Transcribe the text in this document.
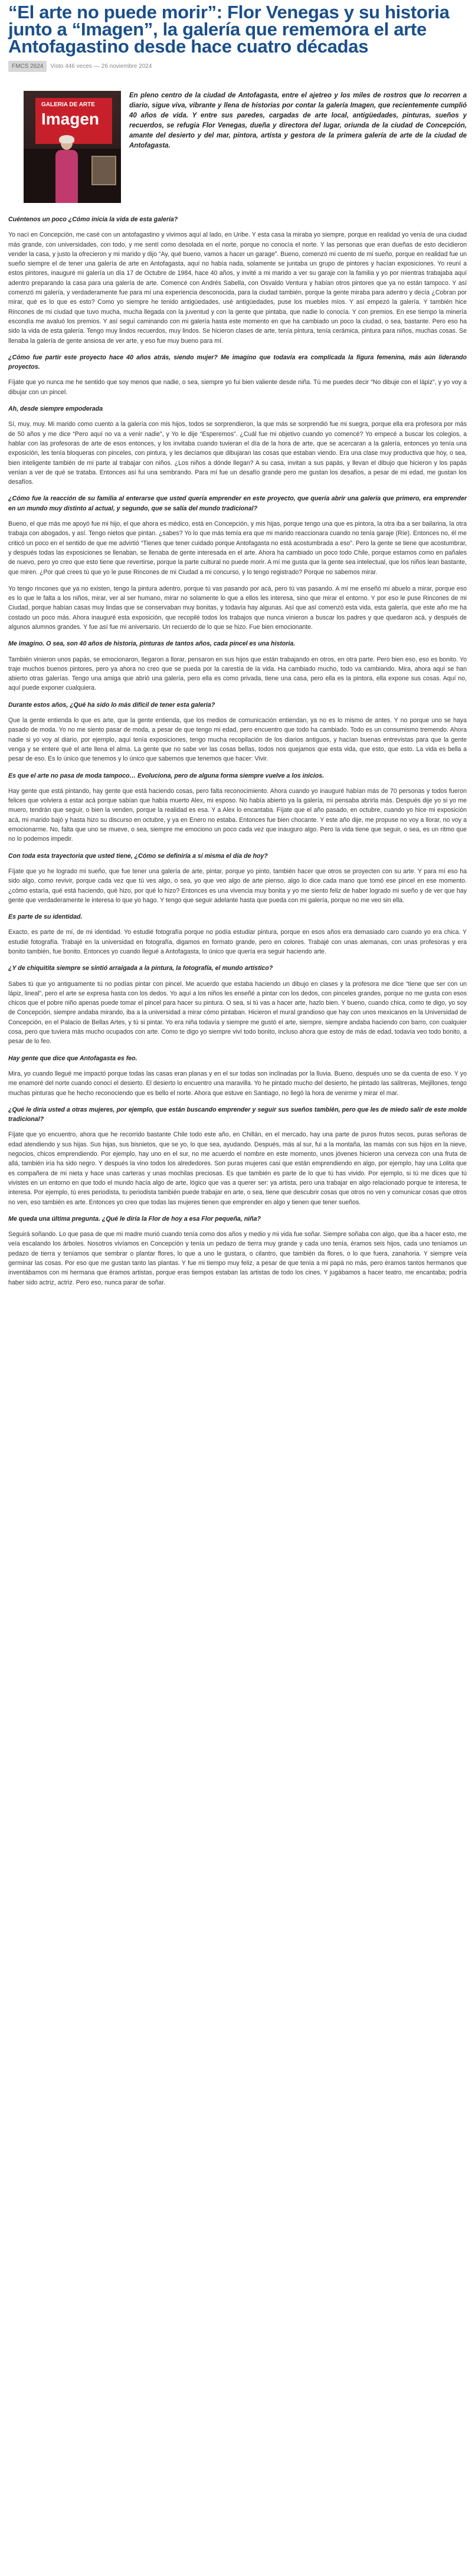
“El arte no puede morir”: Flor Venegas y su historia junto a “Imagen”, la galería que rememora el arte Antofagastino desde hace cuatro décadas
FMCS 2624	Visto 446 veces — 26 noviembre 2024
GALERIA DE ARTE
Imagen
En pleno centro de la ciudad de Antofagasta, entre el ajetreo y los miles de rostros que lo recorren a diario, sigue viva, vibrante y llena de historias por contar la galería Imagen, que recientemente cumplió 40 años de vida. Y entre sus paredes, cargadas de arte local, antigüedades, pinturas, sueños y recuerdos, se refugia Flor Venegas, dueña y directora del lugar, oriunda de la ciudad de Concepción, amante del desierto y del mar, pintora, artista y gestora de la primera galería de arte de la ciudad de Antofagasta.

Cuéntenos un poco ¿Cómo inicia la vida de esta galería?

Yo nací en Concepción, me casé con un antofagastino y vivimos aquí al lado, en Uribe. Y esta casa la miraba yo siempre, porque en realidad yo venía de una ciudad más grande, con universidades, con todo, y me sentí como desolada en el norte, porque no conocía el norte. Y las personas que eran dueñas de esto decidieron vender la casa, y justo la ofrecieron y mi marido y dijo “Ay, qué bueno, vamos a hacer un garage”. Bueno, comenzó mi cuento de mi sueño, porque en realidad fue un sueño siempre el de tener una galería de arte en Antofagasta, aquí no había nada, solamente se juntaba un grupo de pintores y hacían exposiciones. Yo reuní a estos pintores, inauguré mi galería un día 17 de Octubre de 1984, hace 40 años, y invité a mi marido a ver su garaje con la familia y yo por mientras trabajaba aquí adentro preparando la casa para una galería de arte. Comencé con Andrés Sabella, con Osvaldo Ventura y habían otros pintores que ya no están tampoco. Y así comenzó mi galería, y verdaderamente fue para mí una experiencia desconocida, para la ciudad también, porque la gente miraba para adentro y decía ¿Cobran por mirar, qué es lo que es esto? Como yo siempre he tenido antigüedades, usé antigüedades, puse los muebles míos. Y así empezó la galería. Y también hice Rincones de mi ciudad que tuvo mucha, mucha llegada con la juventud y con la gente que pintaba, que nadie lo conocía. Y con premios. En ese tiempo la minería escondía me avaluó los premios. Y así seguí caminando con mi galería hasta este momento en que ha cambiado un poco la ciudad, o sea, bastante. Pero eso ha sido la vida de esta galería. Tengo muy lindos recuerdos, muy lindos. Se hicieron clases de arte, tenía pintura, tenía cerámica, pintura para niños, muchas cosas. Se llenaba la galería de gente ansiosa de ver arte, y eso fue muy bueno para mí.

¿Cómo fue partir este proyecto hace 40 años atrás, siendo mujer? Me imagino que todavía era complicada la figura femenina, más aún liderando proyectos.

Fíjate que yo nunca me he sentido que soy menos que nadie, o sea, siempre yo fui bien valiente desde niña. Tú me puedes decir “No dibuje con el lápiz”, y yo voy a dibujar con un pincel.

Ah, desde siempre empoderada

Sí, muy, muy. Mi marido como cuento a la galería con mis hijos, todos se sorprendieron, la que más se sorprendió fue mi suegra, porque ella era profesora por más de 50 años y me dice “Pero aquí no va a venir nadie”, y Yo le dije “Esperemos”. ¿Cuál fue mi objetivo cuando yo comencé? Yo empecé a buscar los colegios, a hablar con las profesoras de arte de esos entonces, y los invitaba cuando tuvieran el día de la hora de arte, que se acercaran a la galería, entonces yo tenía una exposición, les tenía bloqueras con pinceles, con pintura, y les decíamos que dibujaran las cosas que estaban viendo. Era una clase muy productiva que hoy, o sea, bien inteligente también de mi parte al trabajar con niños. ¿Los niños a dónde llegan? A su casa, invitan a sus papás, y llevan el dibujo que hicieron y los papás venían a ver de qué se trataba. Entonces así fui una sembrando. Para mí fue un desafío grande pero me gustan los desafíos, a pesar de mi edad, me gustan los desafíos.

¿Cómo fue la reacción de su familia al enterarse que usted quería emprender en este proyecto, que quería abrir una galería que primero, era emprender en un mundo muy distinto al actual, y segundo, que se salía del mundo tradicional?

Bueno, el que más me apoyó fue mi hijo, el que ahora es médico, está en Concepción, y mis hijas, porque tengo una que es pintora, la otra iba a ser bailarina, la otra trabaja con abogados, y así. Tengo nietos que pintan. ¿sabes? Yo lo que más temía era que mi marido reaccionara cuando no tenía garaje (Ríe). Entonces no, él me criticó un poco en el sentido de que me advirtió “Tienes que tener cuidado porque Antofagasta no está acostumbrada a eso”. Pero la gente se tiene que acostumbrar, y después todas las exposiciones se llenaban, se llenaba de gente interesada en el arte. Ahora ha cambiado un poco todo Chile, porque estamos como en pañales de nuevo, pero yo creo que esto tiene que revertirse, porque la parte cultural no puede morir. A mí me gusta que la gente sea intelectual, que los niños lean bastante, que miren. ¿Por qué crees tú que yo le puse Rincones de mi Ciudad a mi concurso, y lo tengo registrado? Porque no sabemos mirar.

Yo tengo rincones que ya no existen, tengo la pintura adentro, porque tú vas pasando por acá, pero tú vas pasando. A mí me enseñó mi abuelo a mirar, porque eso es lo que le falta a los niños, mirar, ver al ser humano, mirar no solamente lo que a ellos les interesa, sino que mirar el entorno. Y por eso le puse Rincones de mi Ciudad, porque habían casas muy lindas que se conservaban muy bonitas, y todavía hay algunas. Así que así comenzó esta vida, esta galería, que este año me ha costado un poco más. Ahora inauguré esta exposición, que recopilé todos los trabajos que nunca vinieron a buscar los padres y que quedaron acá, y después de algunos alumnos grandes. Y fue así fue mi aniversario. Un recuerdo de lo que se hizo. Fue bien emocionante.

Me imagino. O sea, son 40 años de historia, pinturas de tantos años, cada pincel es una historia.

También vinieron unos papás, se emocionaron, llegaron a llorar, pensaron en sus hijos que están trabajando en otros, en otra parte. Pero bien eso, eso es bonito. Yo traje muchos buenos pintores, pero ya ahora no creo que se pueda por la carestía de la vida. Ha cambiado mucho, todo va cambiando. Mira, ahora aquí se han abierto otras galerías. Tengo una amiga que abrió una galería, pero ella es como privada, tiene una casa, pero ella es la pintora, ella expone sus cosas. Aquí no, aquí puede exponer cualquiera.

Durante estos años, ¿Qué ha sido lo más difícil de tener esta galería?

Que la gente entienda lo que es arte, que la gente entienda, que los medios de comunicación entiendan, ya no es lo mismo de antes. Y no porque uno se haya pasado de moda. Yo no me siento pasar de moda, a pesar de que tengo mi edad, pero encuentro que todo ha cambiado. Todo es un consumismo tremendo. Ahora nadie si yo voy al diario, por ejemplo, aquí tenía exposiciones, tengo mucha recopilación de los diarios antiguos, y hacían buenas entrevistas para que la gente venga y se entere qué el arte llena el alma. La gente que no sabe ver las cosas bellas, todos nos quejamos que esta vida, que esto, que esto. La vida es bella a pesar de eso. Es lo único que tenemos y lo único que sabemos que tenemos que hacer: Vivir.

Es que el arte no pasa de moda tampoco… Evoluciona, pero de alguna forma siempre vuelve a los inicios.

Hay gente que está pintando, hay gente que está haciendo cosas, pero falta reconocimiento. Ahora cuando yo inauguré habían más de 70 personas y todos fueron felices que volviera a estar acá porque sabían que había muerto Alex, mi esposo. No había abierto ya la galería, mi pensaba abrirla más. Después dije yo si yo me muero, tendrán que seguir, o bien la venden, porque la realidad es esa. Y a Alex lo encantaba. Fíjate que el año pasado, en octubre, cuando yo hice mi exposición acá, mi marido bajó y hasta hizo su discurso en octubre, y ya en Enero no estaba. Entonces fue bien chocante. Y este año dije, me propuse no voy a llorar, no voy a emocionarme. No, falta que uno se mueve, o sea, siempre me emociono un poco cada vez que inauguro algo. Pero la vida tiene que seguir, o sea, es un ritmo que no lo podemos impedir.

Con toda esta trayectoria que usted tiene, ¿Cómo se definiría a sí misma el día de hoy?

Fíjate que yo he logrado mi sueño, que fue tener una galería de arte, pintar, porque yo pinto, también hacer que otros se proyecten con su arte. Y para mí eso ha sido algo, como revivir, porque cada vez que tú ves algo, o sea, yo que veo algo de arte pienso, algo lo dice cada mano que tomó ese pincel en ese momento. ¿cómo estaría, qué está haciendo, qué hizo, por qué lo hizo? Entonces es una vivencia muy bonita y yo me siento feliz de haber logrado mi sueño y de ver que hay gente que verdaderamente le interesa lo que yo hago. Y tengo que seguir adelante hasta que pueda con mi galería, porque no me veo sin ella.

Es parte de su identidad.

Exacto, es parte de mí, de mi identidad. Yo estudié fotografía porque no podía estudiar pintura, porque en esos años era demasiado caro cuando yo era chica. Y estudié fotografía. Trabajé en la universidad en fotografía, digamos en formato grande, pero en colores. Trabajé con unas alemanas, con unas profesoras y era bonito también, fue bonito. Entonces yo cuando llegué a Antofagasta, lo único que quería era seguir haciendo arte.

¿Y de chiquitita siempre se sintió arraigada a la pintura, la fotografía, el mundo artístico?

Sabes tú que yo antiguamente tú no podías pintar con pincel. Me acuerdo que estaba haciendo un dibujo en clases y la profesora me dice “tiene que ser con un lápiz, lineal”, pero el arte se expresa hasta con los dedos. Yo aquí a los niños les enseñé a pintar con los dedos, con pinceles grandes, porque no me gusta con esos chicos que el pobre niño apenas puede tomar el pincel para hacer su pintura. O sea, si tú vas a hacer arte, hazlo bien. Y bueno, cuando chica, como te digo, yo soy de Concepción, siempre andaba mirando, iba a la universidad a mirar cómo pintaban. Hicieron el mural grandioso que hay con unos mexicanos en la Universidad de Concepción, en el Palacio de Bellas Artes, y tú si pintar. Yo era niña todavía y siempre me gustó el arte, siempre, siempre andaba haciendo con barro, con cualquier cosa, pero que tuviera más mucho ocupados con arte. Como te digo yo siempre viví todo bonito, incluso ahora que estoy de más de edad, todavía veo todo bonito, a pesar de lo feo.

Hay gente que dice que Antofagasta es feo.

Mira, yo cuando llegué me impactó porque todas las casas eran planas y en el sur todas son inclinadas por la lluvia. Bueno, después uno se da cuenta de eso. Y yo me enamoré del norte cuando conocí el desierto. El desierto lo encuentro una maravilla. Yo he pintado mucho del desierto, he pintado las salitreras, Mejillones, tengo muchas pinturas que he hecho reconociendo que es bello el norte. Ahora que estuve en Santiago, no llegó la hora de venirme y mirar el mar.

¿Qué le diría usted a otras mujeres, por ejemplo, que están buscando emprender y seguir sus sueños también, pero que les de miedo salir de este molde tradicional?

Fíjate que yo encuentro, ahora que he recorrido bastante Chile todo este año, en Chillán, en el mercado, hay una parte de puros frutos secos, puras señoras de edad atendiendo y sus hijas. Sus hijas, sus bisnietos, que se yo, lo que sea, ayudando. Después, más al sur, fui a la montaña, las mamás con sus hijos en la nieve, negocios, chicos emprendiendo. Por ejemplo, hay uno en el sur, no me acuerdo el nombre en este momento, unos jóvenes hicieron una cerveza con una fruta de allá, también iría ha sido negro. Y después la vino todos los alrededores. Son puras mujeres casi que están emprendiendo en algo, por ejemplo, hay una Lolita que es compañera de mi nieta y hace unas carteras y unas mochilas preciosas. Es que también es parte de lo que tú has vivido. Por ejemplo, si tú me dices que tú vivistes en un entorno en que todo el mundo hacía algo de arte, lógico que vas a querer ser: ya artista, pero una trabajar en algo relacionado porque te interesa, te interesa. Por ejemplo, tú eres periodista, tu periodista también puede trabajar en arte, o sea, tiene que descubrir cosas que otros no ven y comunicar cosas que otros no ven, eso también es arte. Entonces yo creo que todas las mujeres tienen que emprender en algo y tienen que tener sueños.

Me queda una última pregunta. ¿Qué le diría la Flor de hoy a esa Flor pequeña, niña?

Seguirá soñando. Lo que pasa de que mi madre murió cuando tenía como dos años y medio y mi vida fue soñar. Siempre soñaba con algo, que iba a hacer esto, me veía escalando los árboles. Nosotros vivíamos en Concepción y tenía un pedazo de tierra muy grande y cada uno tenía, éramos seis hijos, cada uno teníamos un pedazo de tierra y teníamos que sembrar o plantar flores, lo que a uno le gustara, o cilantro, que también da flores, o lo que fuera, zanahoria. Y siempre veía germinar las cosas. Por eso que me gustan tanto las plantas. Y fue mi tiempo muy feliz, a pesar de que tenía a mi papá no más, pero éramos tantos hermanos que inventábamos con mi hermana que éramos artistas, porque eras tiempos estaban las artistas de todo los cines. Y jugábamos a hacer teatro, me encantaba; podría haber sido actriz, actriz. Pero eso, nunca parar de soñar.
